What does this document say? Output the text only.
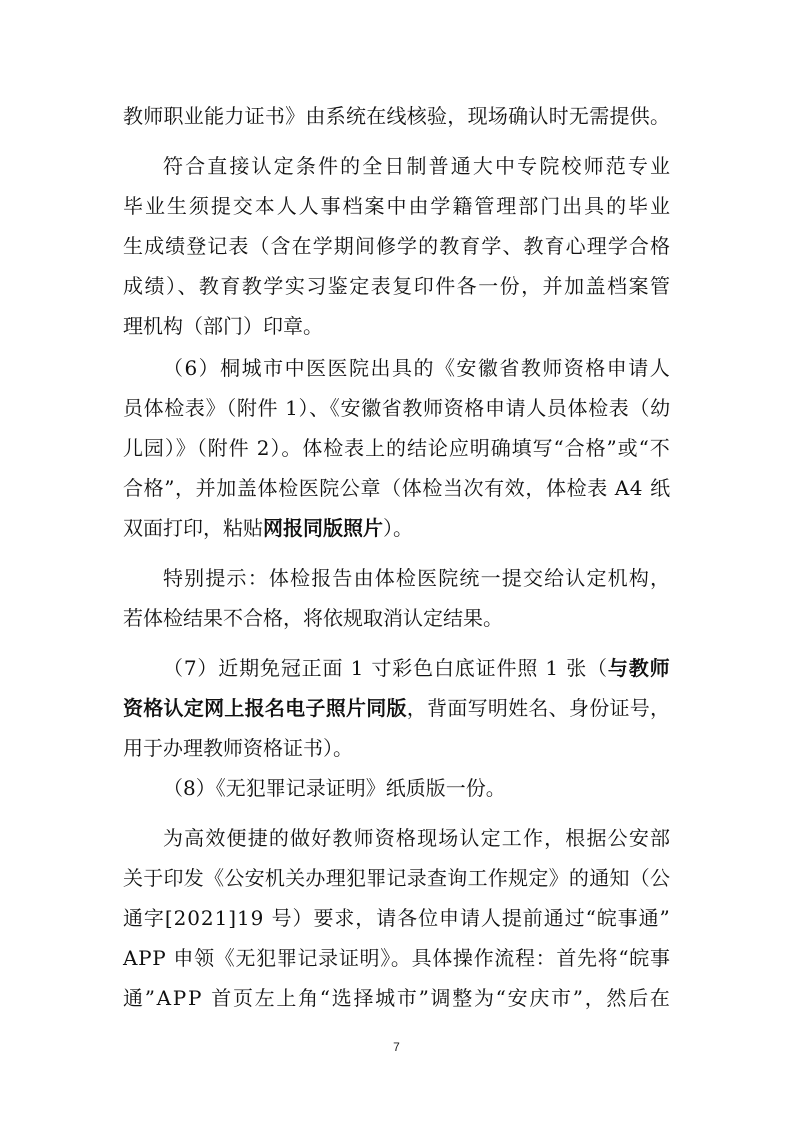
教师职业能力证书》由系统在线核验，现场确认时无需提供。

符合直接认定条件的全日制普通大中专院校师范专业

毕业生须提交本人人事档案中由学籍管理部门出具的毕业

生成绩登记表（含在学期间修学的教育学、教育心理学合格

成绩）、教育教学实习鉴定表复印件各一份，并加盖档案管

理机构（部门）印章。

（6）桐城市中医医院出具的《安徽省教师资格申请人

员体检表》（附件 1）、《安徽省教师资格申请人员体检表（幼

儿园）》（附件 2）。体检表上的结论应明确填写“合格”或“不

合格”，并加盖体检医院公章（体检当次有效，体检表 A4 纸

双面打印，粘贴网报同版照片）。

特别提示：体检报告由体检医院统一提交给认定机构，

若体检结果不合格，将依规取消认定结果。

（7）近期免冠正面 1 寸彩色白底证件照 1 张（与教师

资格认定网上报名电子照片同版，背面写明姓名、身份证号，

用于办理教师资格证书）。

（8）《无犯罪记录证明》纸质版一份。

为高效便捷的做好教师资格现场认定工作，根据公安部

关于印发《公安机关办理犯罪记录查询工作规定》的通知（公

通字[2021]19 号）要求，请各位申请人提前通过“皖事通”

APP 申领《无犯罪记录证明》。具体操作流程：首先将“皖事

通”APP 首页左上角“选择城市”调整为“安庆市”，然后在

7
